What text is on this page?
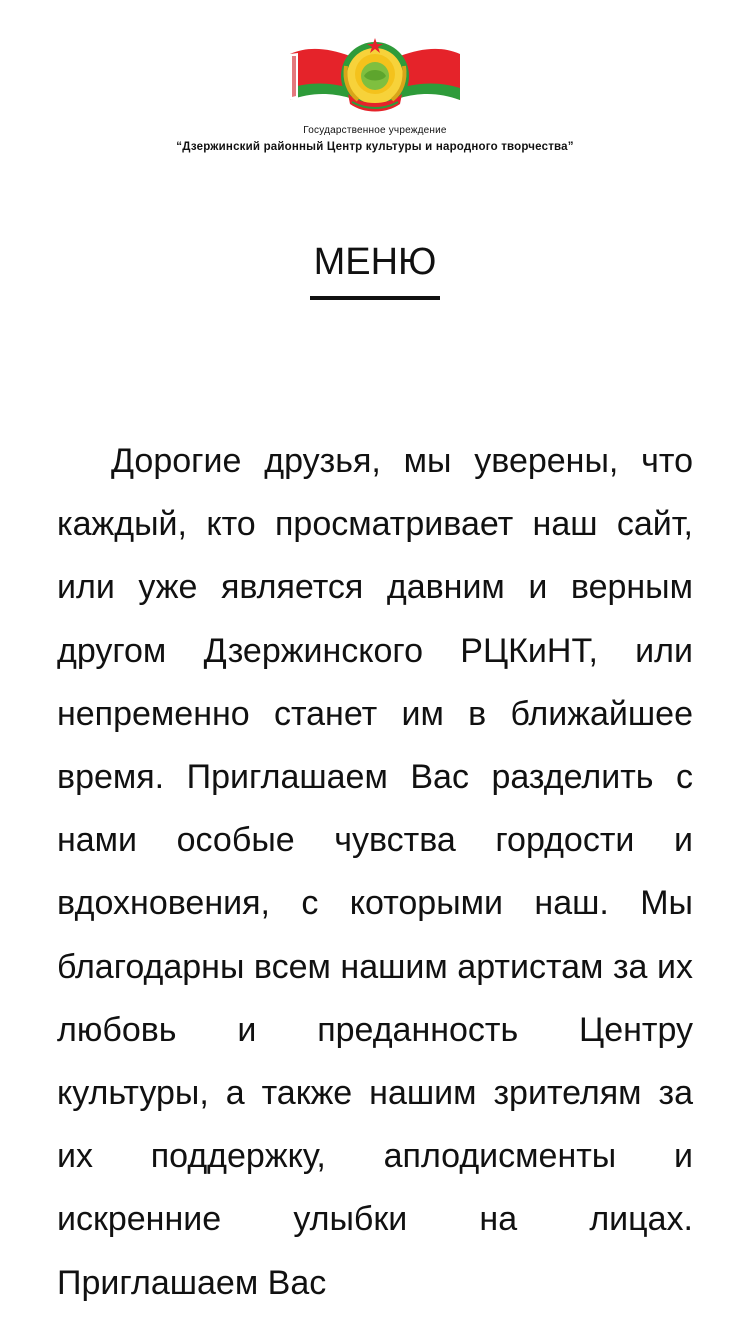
Государственное учреждение
“Дзержинский районный Центр культуры и народного творчества”
МЕНЮ

Дорогие друзья, мы уверены, что каждый, кто просматривает наш сайт, или уже является давним и верным другом Дзержинского РЦКиНТ, или непременно станет им в ближайшее время. Приглашаем Вас разделить с нами особые чувства гордости и вдохновения, с которыми наш. Мы благодарны всем нашим артистам за их любовь и преданность Центру культуры, а также нашим зрителям за их поддержку, аплодисменты и искренние улыбки на лицах. Приглашаем Вас
